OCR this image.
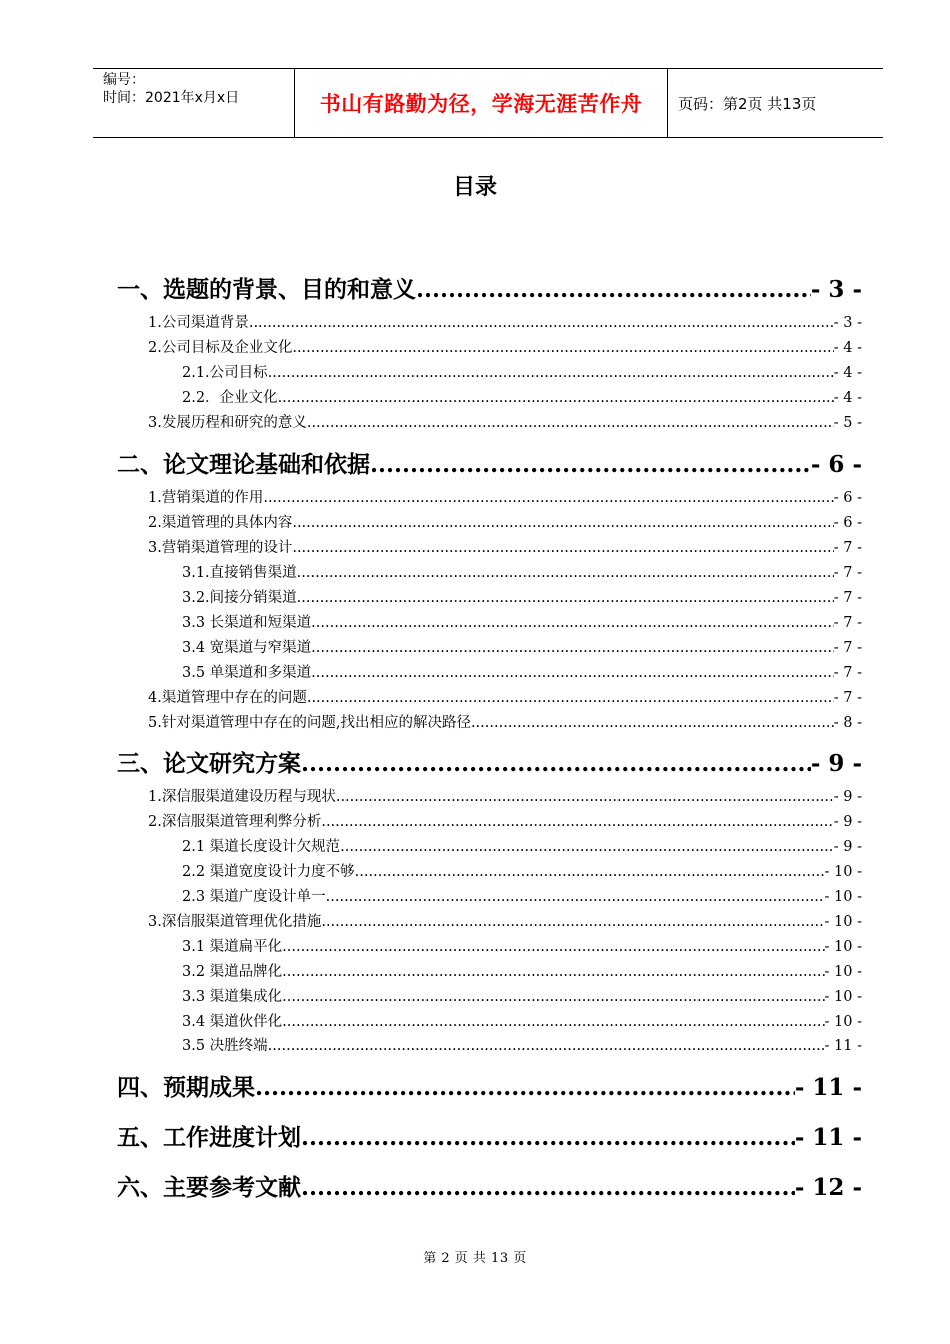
编号：
时间：2021年x月x日	书山有路勤为径，学海无涯苦作舟 页码：第2页 共13页
目录
一、选题的背景、目的和意义 .....	- 3 -
1.公司渠道背景 .....	- 3 -
2.公司目标及企业文化 .....	- 4 -
2.1.公司目标 .....	- 4 -
2.2．企业文化 .....	- 4 -
3.发展历程和研究的意义 .....	- 5 -
二、论文理论基础和依据 .....	- 6 -
1.营销渠道的作用 .....	- 6 -
2.渠道管理的具体内容 .....	- 6 -
3.营销渠道管理的设计 .....	- 7 -
3.1.直接销售渠道 .....	- 7 -
3.2.间接分销渠道 .....	- 7 -
3.3 长渠道和短渠道 .....	- 7 -
3.4 宽渠道与窄渠道 .....	- 7 -
3.5 单渠道和多渠道 .....	- 7 -
4.渠道管理中存在的问题 .....	- 7 -
5.针对渠道管理中存在的问题,找出相应的解决路径 .....	- 8 -
三、论文研究方案 .....	- 9 -
1.深信服渠道建设历程与现状 .....	- 9 -
2.深信服渠道管理利弊分析 .....	- 9 -
2.1 渠道长度设计欠规范 .....	- 9 -
2.2 渠道宽度设计力度不够 .....	- 10 -
2.3 渠道广度设计单一 .....	- 10 -
3.深信服渠道管理优化措施 .....	- 10 -
3.1 渠道扁平化 .....	- 10 -
3.2 渠道品牌化 .....	- 10 -
3.3 渠道集成化 .....	- 10 -
3.4 渠道伙伴化 .....	- 10 -
3.5 决胜终端 .....	- 11 -
四、预期成果 .....	- 11 -
五、工作进度计划 .....	- 11 -
六、主要参考文献 .....	- 12 -
第 2 页 共 13 页
